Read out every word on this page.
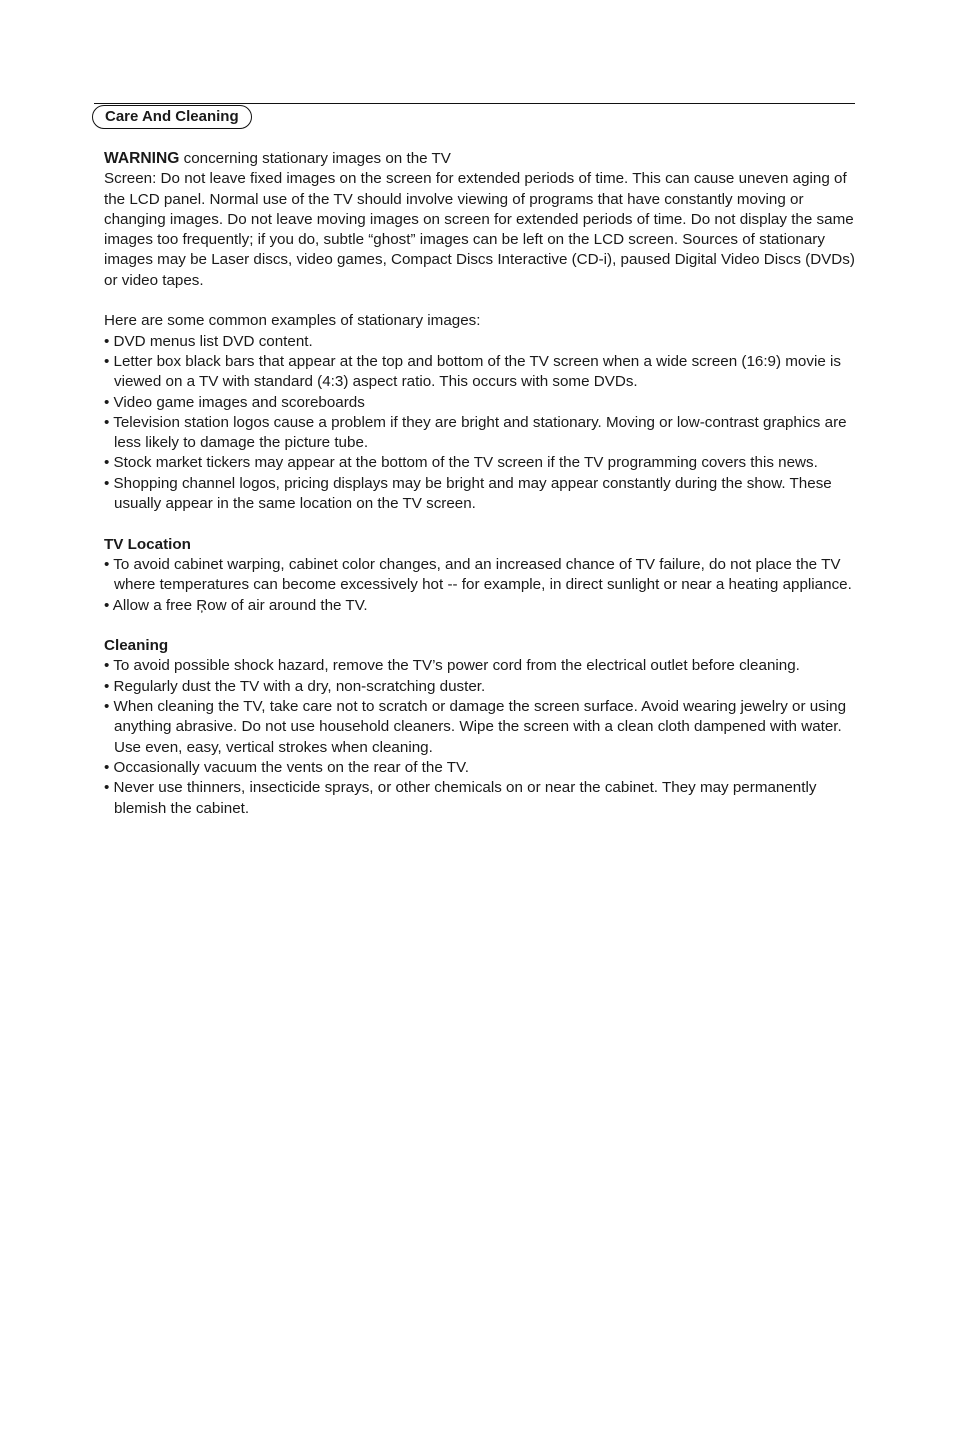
Care And Cleaning

WARNING concerning stationary images on the TV

Screen: Do not leave fixed images on the screen for extended periods of time. This can cause uneven aging of the LCD panel. Normal use of the TV should involve viewing of programs that have constantly moving or changing images. Do not leave moving images on screen for extended periods of time. Do not display the same images too frequently; if you do, subtle “ghost” images can be left on the LCD screen. Sources of stationary images may be Laser discs, video games, Compact Discs Interactive (CD-i), paused Digital Video Discs (DVDs) or video tapes.

Here are some common examples of stationary images:

• DVD menus list DVD content.
• Letter box black bars that appear at the top and bottom of the TV screen when a wide screen (16:9) movie is viewed on a TV with standard (4:3) aspect ratio. This occurs with some DVDs.
• Video game images and scoreboards
• Television station logos cause a problem if they are bright and stationary. Moving or low-contrast graphics are less likely to damage the picture tube.
• Stock market tickers may appear at the bottom of the TV screen if the TV programming covers this news.
• Shopping channel logos, pricing displays may be bright and may appear constantly during the show. These usually appear in the same location on the TV screen.

TV Location

• To avoid cabinet warping, cabinet color changes, and an increased chance of TV failure, do not place the TV where temperatures can become excessively hot -- for example, in direct sunlight or near a heating appliance.
• Allow a free Ŗow of air around the TV.

Cleaning

• To avoid possible shock hazard, remove the TV’s power cord from the electrical outlet before cleaning.
• Regularly dust the TV with a dry, non-scratching duster.
• When cleaning the TV, take care not to scratch or damage the screen surface. Avoid wearing jewelry or using anything abrasive. Do not use household cleaners. Wipe the screen with a clean cloth dampened with water. Use even, easy, vertical strokes when cleaning.
• Occasionally vacuum the vents on the rear of the TV.
• Never use thinners, insecticide sprays, or other chemicals on or near the cabinet. They may permanently blemish the cabinet.
